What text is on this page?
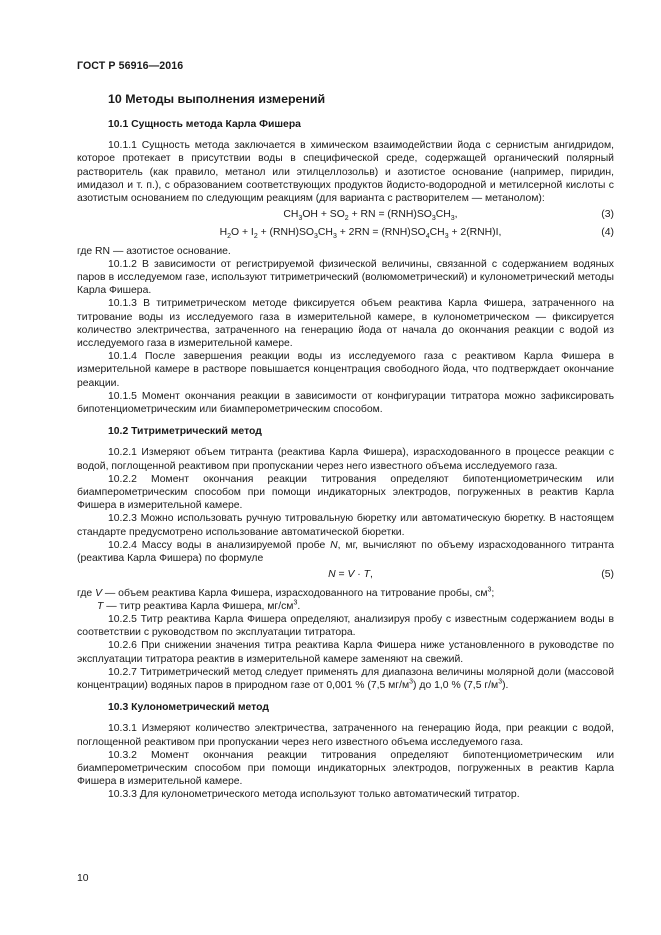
ГОСТ Р 56916—2016
10 Методы выполнения измерений
10.1 Сущность метода Карла Фишера

10.1.1 Сущность метода заключается в химическом взаимодействии йода с сернистым ангидридом, которое протекает в присутствии воды в специфической среде, содержащей органический полярный растворитель (как правило, метанол или этилцеллозольв) и азотистое основание (например, пиридин, имидазол и т. п.), с образованием соответствующих продуктов йодисто-водородной и метилсерной кислоты с азотистым основанием по следующим реакциям (для варианта с растворителем — метанолом):

$CH_3OH + SO_2$ + RN = $(RNH)SO_3CH_3$,	(3)
$H_2O + I_2 + (RNH)SO_3CH_3 + 2RN = (RNH)SO_4CH_3 + 2(RNH)I$,	(4)

где RN — азотистое основание.

10.1.2 В зависимости от регистрируемой физической величины, связанной с содержанием водяных паров в исследуемом газе, используют титриметрический (волюмометрический) и кулонометрический методы Карла Фишера.

10.1.3 В титриметрическом методе фиксируется объем реактива Карла Фишера, затраченного на титрование воды из исследуемого газа в измерительной камере, в кулонометрическом — фиксируется количество электричества, затраченного на генерацию йода от начала до окончания реакции с водой из исследуемого газа в измерительной камере.

10.1.4 После завершения реакции воды из исследуемого газа с реактивом Карла Фишера в измерительной камере в растворе повышается концентрация свободного йода, что подтверждает окончание реакции.

10.1.5 Момент окончания реакции в зависимости от конфигурации титратора можно зафиксировать бипотенциометрическим или биамперометрическим способом.

10.2 Титриметрический метод

10.2.1 Измеряют объем титранта (реактива Карла Фишера), израсходованного в процессе реакции с водой, поглощенной реактивом при пропускании через него известного объема исследуемого газа.

10.2.2 Момент окончания реакции титрования определяют бипотенциометрическим или биамперометрическим способом при помощи индикаторных электродов, погруженных в реактив Карла Фишера в измерительной камере.

10.2.3 Можно использовать ручную титровальную бюретку или автоматическую бюретку. В настоящем стандарте предусмотрено использование автоматической бюретки.

10.2.4 Массу воды в анализируемой пробе N, мг, вычисляют по объему израсходованного титранта (реактива Карла Фишера) по формуле

N = V · T,	(5)

где V — объем реактива Карла Фишера, израсходованного на титрование пробы, $см^3$;

T — титр реактива Карла Фишера, $мг/см^3$.

10.2.5 Титр реактива Карла Фишера определяют, анализируя пробу с известным содержанием воды в соответствии с руководством по эксплуатации титратора.

10.2.6 При снижении значения титра реактива Карла Фишера ниже установленного в руководстве по эксплуатации титратора реактив в измерительной камере заменяют на свежий.

10.2.7 Титриметрический метод следует применять для диапазона величины молярной доли (массовой концентрации) водяных паров в природном газе от 0,001 % (7,5 $мг/м^3$) до 1,0 % (7,5 $г/м^3$).

10.3 Кулонометрический метод

10.3.1 Измеряют количество электричества, затраченного на генерацию йода, при реакции с водой, поглощенной реактивом при пропускании через него известного объема исследуемого газа.

10.3.2 Момент окончания реакции титрования определяют бипотенциометрическим или биамперометрическим способом при помощи индикаторных электродов, погруженных в реактив Карла Фишера в измерительной камере.

10.3.3 Для кулонометрического метода используют только автоматический титратор.

10
